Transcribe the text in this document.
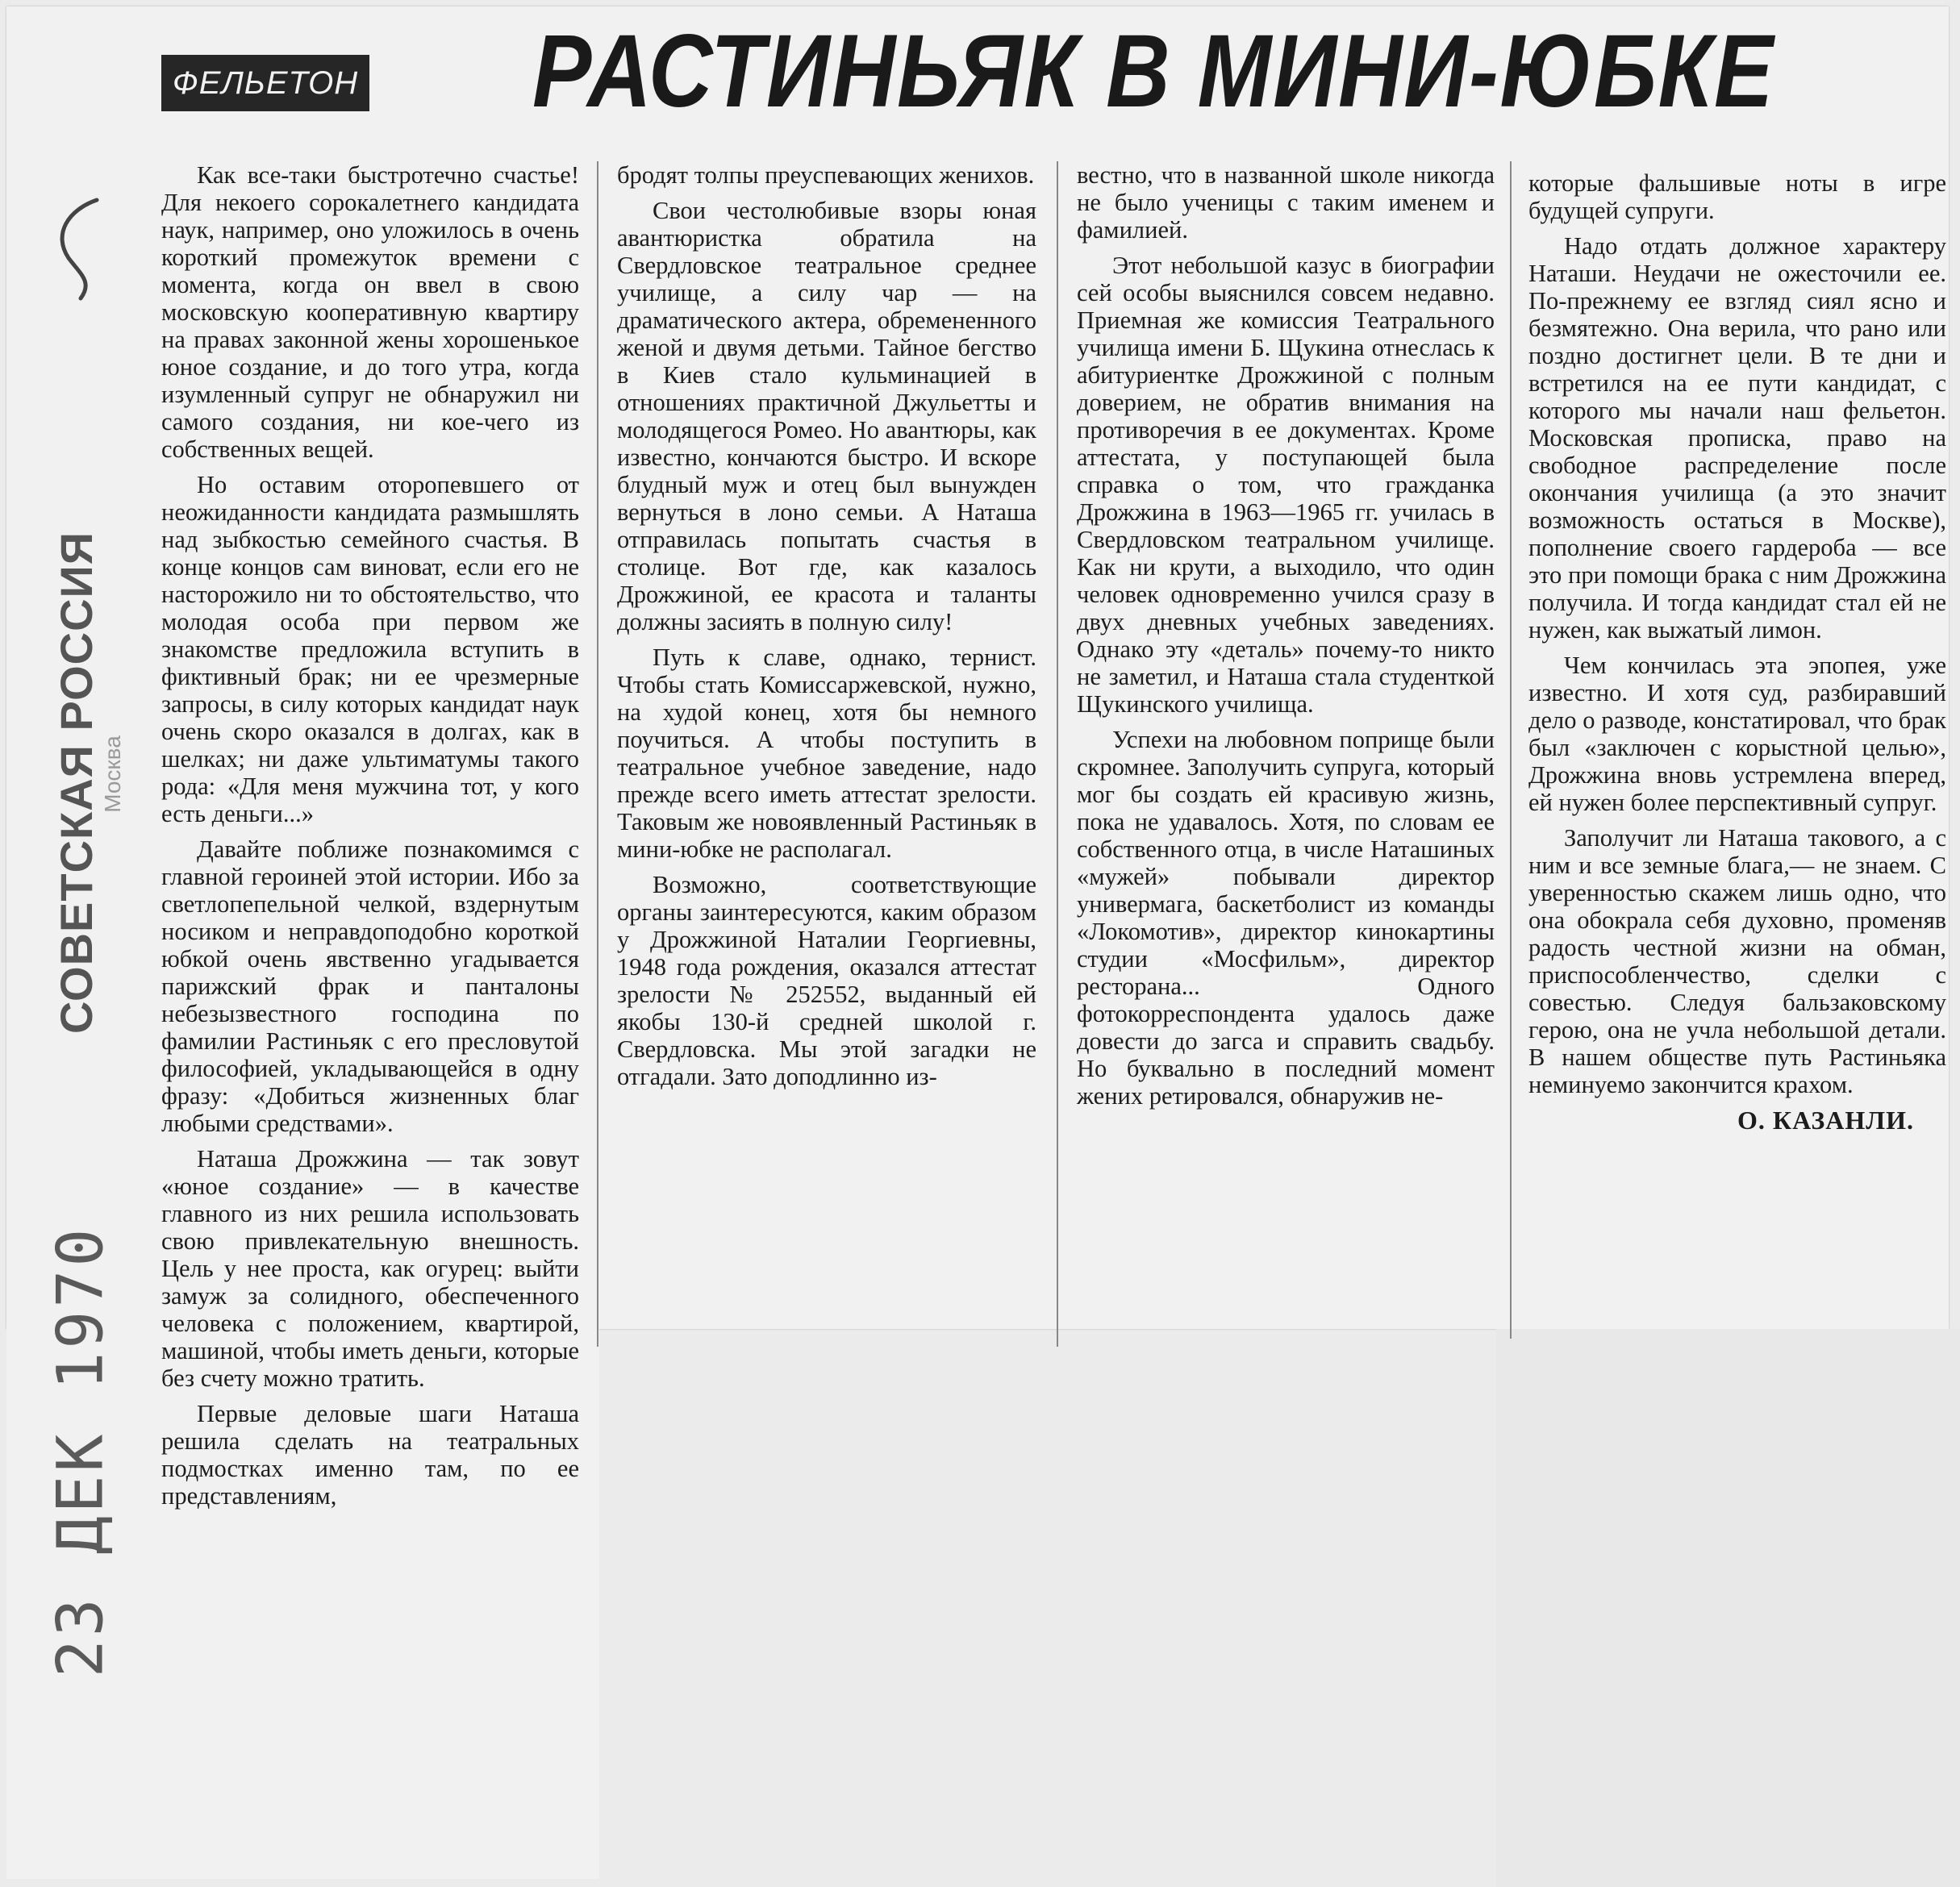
СОВЕТСКАЯ РОССИЯ
Москва
23 ДЕК 1970
ФЕЛЬЕТОН РАСТИНЬЯК В МИНИ-ЮБКЕ

Как все-таки быстротечно счастье! Для некоего сорокалетнего кандидата наук, например, оно уложилось в очень короткий промежуток времени с момента, когда он ввел в свою московскую кооперативную квартиру на правах законной жены хорошенькое юное создание, и до того утра, когда изумленный супруг не обнаружил ни самого создания, ни кое-чего из собственных вещей.

Но оставим оторопевшего от неожиданности кандидата размышлять над зыбкостью семейного счастья. В конце концов сам виноват, если его не насторожило ни то обстоятельство, что молодая особа при первом же знакомстве предложила вступить в фиктивный брак; ни ее чрезмерные запросы, в силу которых кандидат наук очень скоро оказался в долгах, как в шелках; ни даже ультиматумы такого рода: «Для меня мужчина тот, у кого есть деньги...»

Давайте поближе познакомимся с главной героиней этой истории. Ибо за светлопепельной челкой, вздернутым носиком и неправдоподобно короткой юбкой очень явственно угадывается парижский фрак и панталоны небезызвестного господина по фамилии Растиньяк с его пресловутой философией, укладывающейся в одну фразу: «Добиться жизненных благ любыми средствами».

Наташа Дрожжина — так зовут «юное создание» — в качестве главного из них решила использовать свою привлекательную внешность. Цель у нее проста, как огурец: выйти замуж за солидного, обеспеченного человека с положением, квартирой, машиной, чтобы иметь деньги, которые без счету можно тратить.

Первые деловые шаги Наташа решила сделать на театральных подмостках именно там, по ее представлениям,

бродят толпы преуспевающих женихов.

Свои честолюбивые взоры юная авантюристка обратила на Свердловское театральное среднее училище, а силу чар — на драматического актера, обремененного женой и двумя детьми. Тайное бегство в Киев стало кульминацией в отношениях практичной Джульетты и молодящегося Ромео. Но авантюры, как известно, кончаются быстро. И вскоре блудный муж и отец был вынужден вернуться в лоно семьи. А Наташа отправилась попытать счастья в столице. Вот где, как казалось Дрожжиной, ее красота и таланты должны засиять в полную силу!

Путь к славе, однако, тернист. Чтобы стать Комиссаржевской, нужно, на худой конец, хотя бы немного поучиться. А чтобы поступить в театральное учебное заведение, надо прежде всего иметь аттестат зрелости. Таковым же новоявленный Растиньяк в мини-юбке не располагал.

Возможно, соответствующие органы заинтересуются, каким образом у Дрожжиной Наталии Георгиевны, 1948 года рождения, оказался аттестат зрелости № 252552, выданный ей якобы 130-й средней школой г. Свердловска. Мы этой загадки не отгадали. Зато доподлинно из-

вестно, что в названной школе никогда не было ученицы с таким именем и фамилией.

Этот небольшой казус в биографии сей особы выяснился совсем недавно. Приемная же комиссия Театрального училища имени Б. Щукина отнеслась к абитуриентке Дрожжиной с полным доверием, не обратив внимания на противоречия в ее документах. Кроме аттестата, у поступающей была справка о том, что гражданка Дрожжина в 1963—1965 гг. училась в Свердловском театральном училище. Как ни крути, а выходило, что один человек одновременно учился сразу в двух дневных учебных заведениях. Однако эту «деталь» почему-то никто не заметил, и Наташа стала студенткой Щукинского училища.

Успехи на любовном поприще были скромнее. Заполучить супруга, который мог бы создать ей красивую жизнь, пока не удавалось. Хотя, по словам ее собственного отца, в числе Наташиных «мужей» побывали директор универмага, баскетболист из команды «Локомотив», директор кинокартины студии «Мосфильм», директор ресторана... Одного фотокорреспондента удалось даже довести до загса и справить свадьбу. Но буквально в последний момент жених ретировался, обнаружив не-

которые фальшивые ноты в игре будущей супруги.

Надо отдать должное характеру Наташи. Неудачи не ожесточили ее. По-прежнему ее взгляд сиял ясно и безмятежно. Она верила, что рано или поздно достигнет цели. В те дни и встретился на ее пути кандидат, с которого мы начали наш фельетон. Московская прописка, право на свободное распределение после окончания училища (а это значит возможность остаться в Москве), пополнение своего гардероба — все это при помощи брака с ним Дрожжина получила. И тогда кандидат стал ей не нужен, как выжатый лимон.

Чем кончилась эта эпопея, уже известно. И хотя суд, разбиравший дело о разводе, констатировал, что брак был «заключен с корыстной целью», Дрожжина вновь устремлена вперед, ей нужен более перспективный супруг.

Заполучит ли Наташа такового, а с ним и все земные блага,— не знаем. С уверенностью скажем лишь одно, что она обокрала себя духовно, променяв радость честной жизни на обман, приспособленчество, сделки с совестью. Следуя бальзаковскому герою, она не учла небольшой детали. В нашем обществе путь Растиньяка неминуемо закончится крахом.

О. КАЗАНЛИ.
